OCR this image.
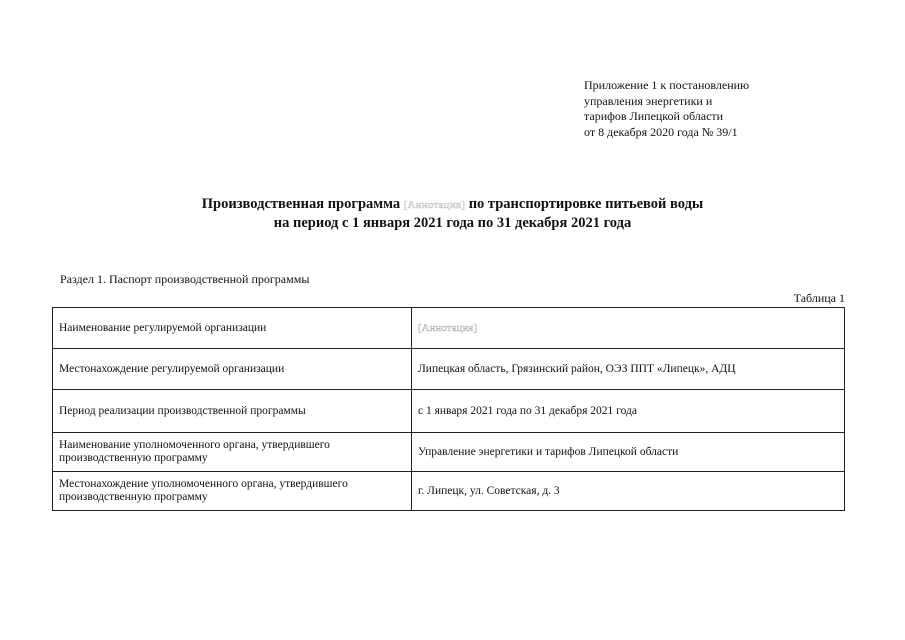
Приложение 1 к постановлению
управления энергетики и
тарифов Липецкой области
от 8 декабря 2020 года № 39/1
Производственная программа [Аннотация] по транспортировке питьевой воды
на период с 1 января 2021 года по 31 декабря 2021 года
Раздел 1. Паспорт производственной программы
Таблица 1
Наименование регулируемой организации	[Аннотация]
Местонахождение регулируемой организации	Липецкая область, Грязинский район, ОЭЗ ППТ «Липецк», АДЦ
Период реализации производственной программы	с 1 января 2021 года по 31 декабря 2021 года
Наименование уполномоченного органа, утвердившего производственную программу	Управление энергетики и тарифов Липецкой области
Местонахождение уполномоченного органа, утвердившего производственную программу	г. Липецк, ул. Советская, д. 3
